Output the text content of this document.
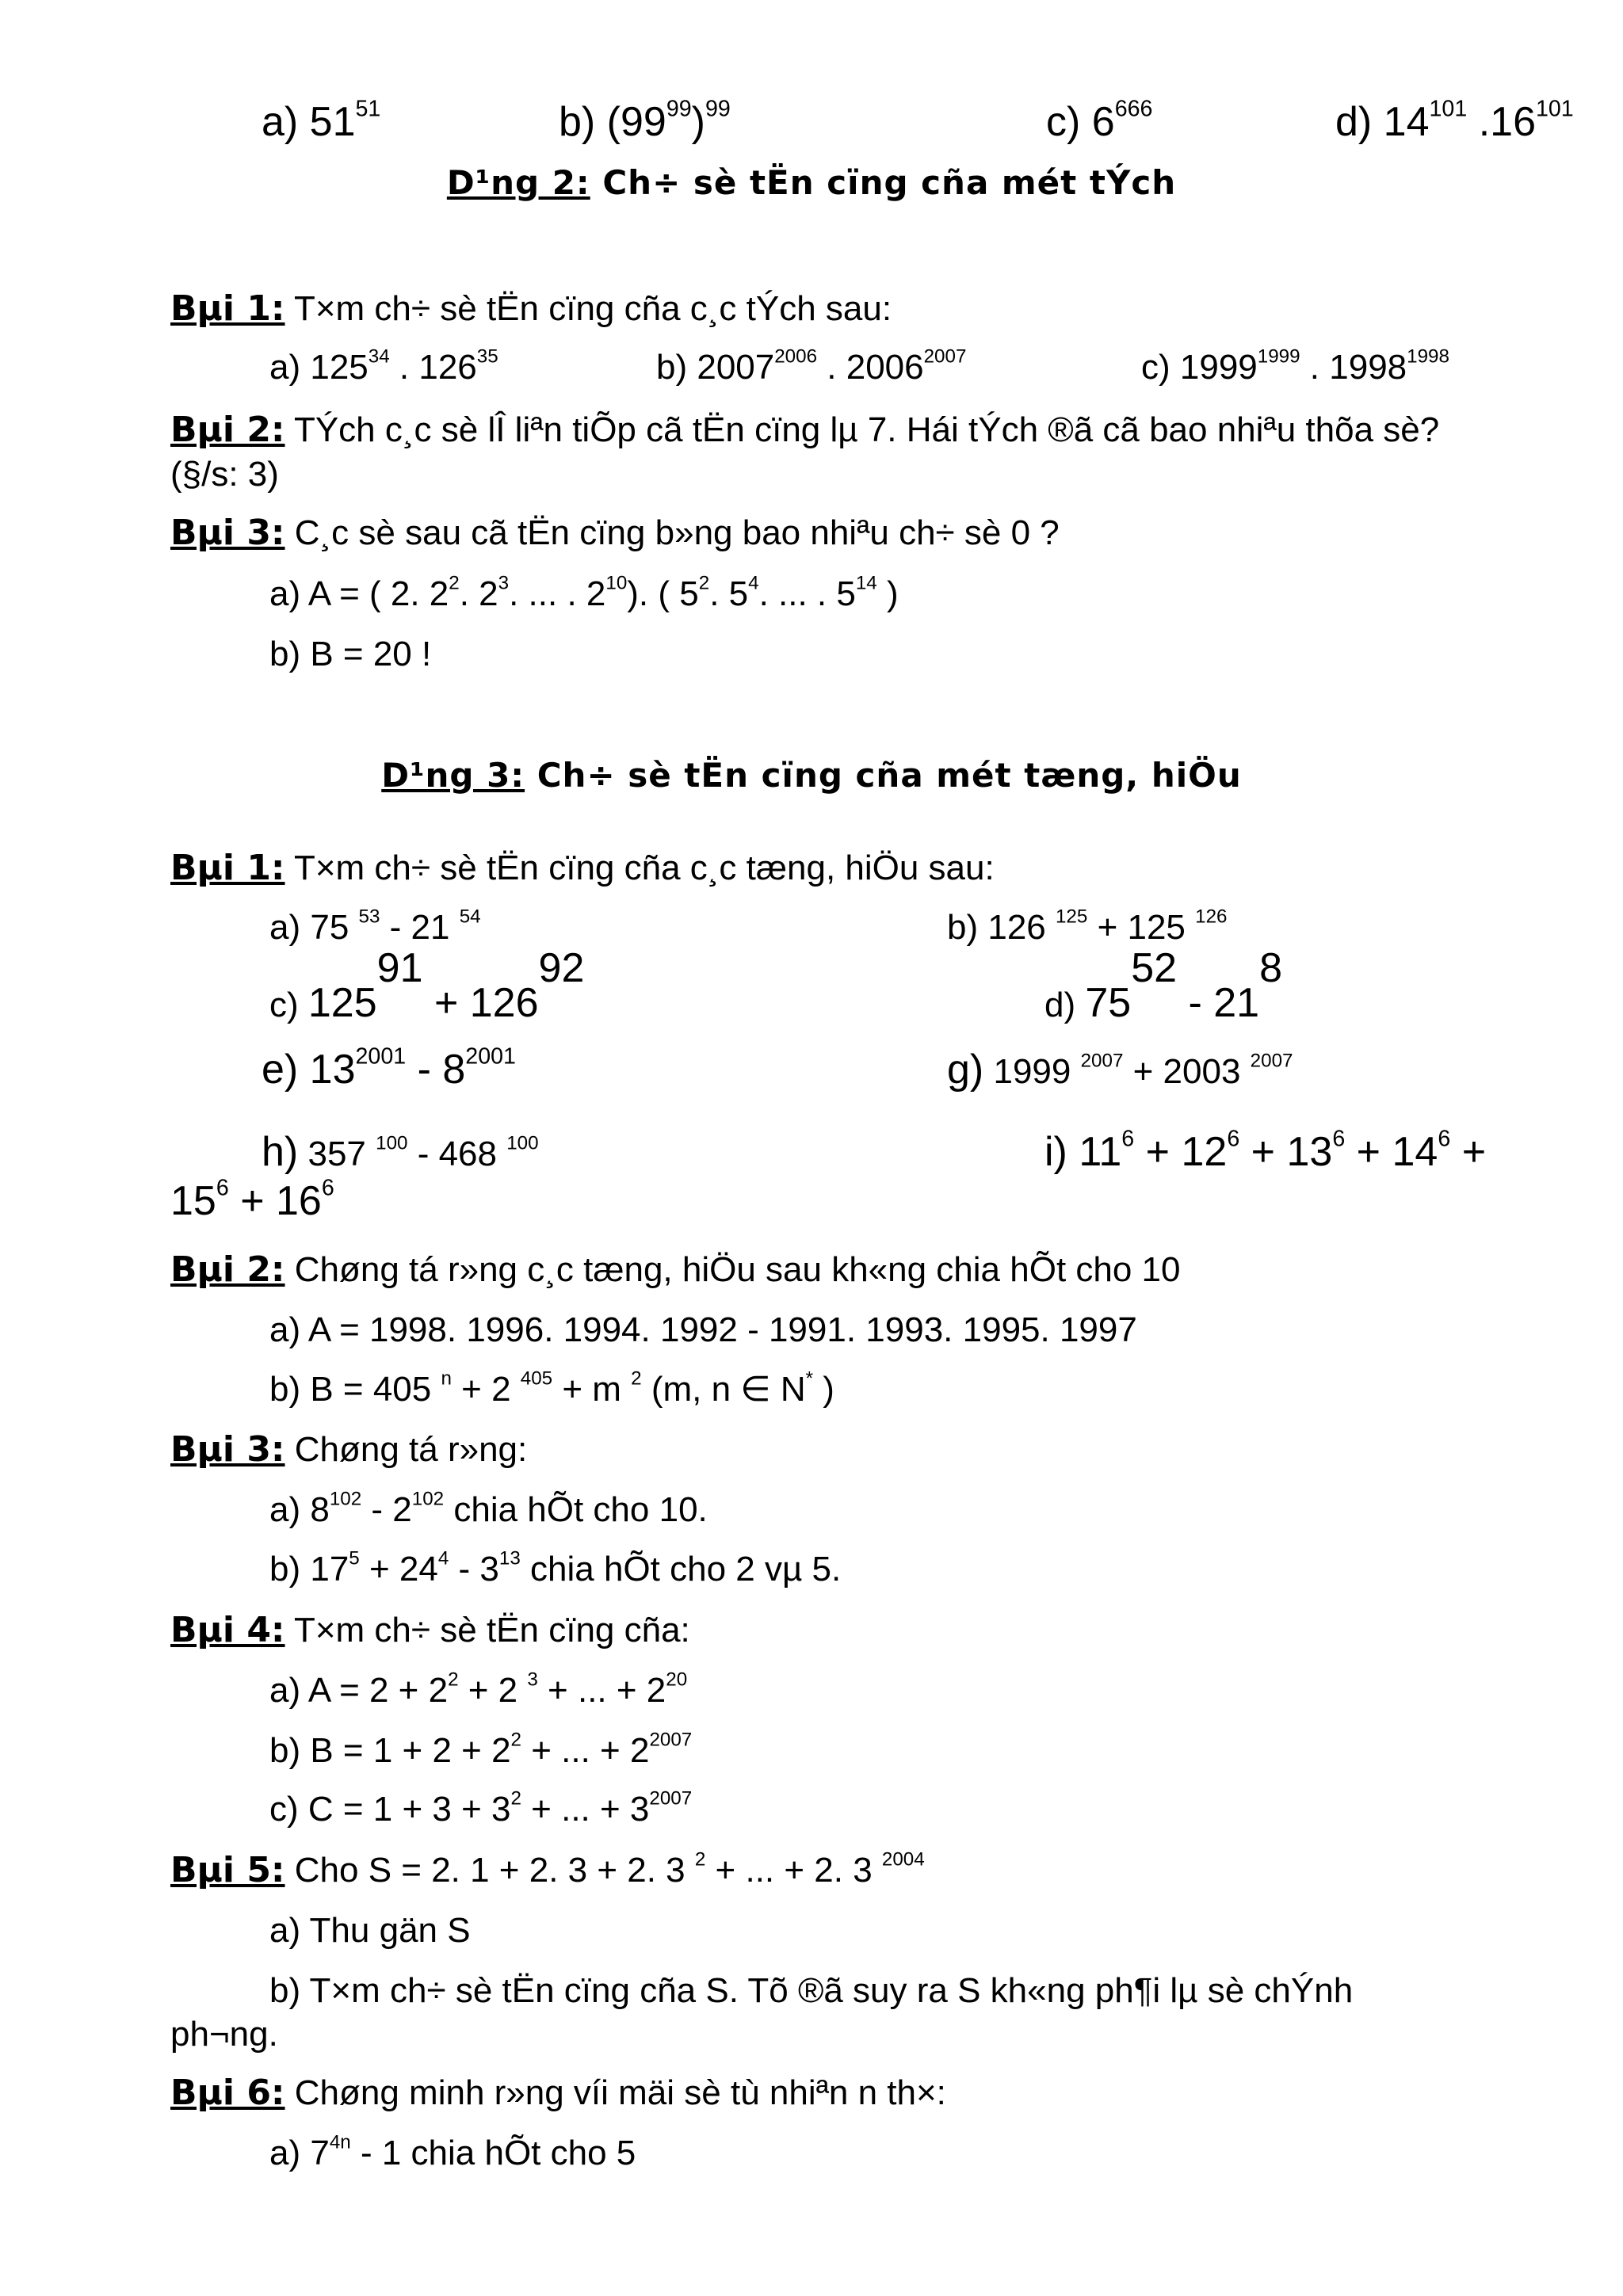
a) $51^{51}$	b) $(99^{99})^{99}$	c) $6^{666}$	d) $14^{101}$ $.16^{101}$
D¹ng 2: Ch÷ sè tËn cïng cña mét tÝch
Bµi 1: T×m ch÷ sè tËn cïng cña c¸c tÝch sau:
a) $125^{34}$ . $126^{35}$	b) $2007^{2006}$ . $2006^{2007}$	c) $1999^{1999}$ . $1998^{1998}$
Bµi 2: TÝch c¸c sè lÎ liªn tiÕp cã tËn cïng lµ 7. Hái tÝch ®ã cã bao nhiªu thõa sè?
(§/s: 3)
Bµi 3: C¸c sè sau cã tËn cïng b»ng bao nhiªu ch÷ sè 0 ?
a) A = ( 2. $2^2$. $2^3$. ... . $2^{10}$). ( $5^2$. $5^4$. ... . $5^{14}$ )
b) B = 20 !
D¹ng 3: Ch÷ sè tËn cïng cña mét tæng, hiÖu
Bµi 1: T×m ch÷ sè tËn cïng cña c¸c tæng, hiÖu sau:
a) 75 $^{53}$ - 21 $^{54}$	b) 126 $^{125}$ + 125 $^{126}$
c) $125^{91} + 126^{92}$
d) $75^{52} - 21^8$
e) $13^{2001} - 8^{2001}$	g) 1999 $^{2007}$ + 2003 $^{2007}$
h) 357 $^{100}$ - 468 $^{100}$	i) $11^6 + 12^6 + 13^6 + 14^6$ +
$15^6 + 16^6$
Bµi 2: Chøng tá r»ng c¸c tæng, hiÖu sau kh«ng chia hÕt cho 10
a) A = 1998. 1996. 1994. 1992 - 1991. 1993. 1995. 1997
b) B = 405 $^n$ + 2 $^{405}$ + m $^2$ (m, n ∈ N* )
Bµi 3: Chøng tá r»ng:
a) $8^{102} - 2^{102}$ chia hÕt cho 10.
b) $17^5 + 24^4 - 3^{13}$ chia hÕt cho 2 vµ 5.
Bµi 4: T×m ch÷ sè tËn cïng cña:
a) $A = 2 + 2^2 + 2$ $^3$ + ... + $2^{20}$
b) $B = 1 + 2 + 2^2$ + ... + $2^{2007}$
c) $C = 1 + 3 + 3^2$ + ... + $3^{2007}$
Bµi 5: Cho S = 2. 1 + 2. 3 + 2. 3 $^2$ + ... + 2. 3 $^{2004}$
a) Thu gän S
b) T×m ch÷ sè tËn cïng cña S. Tõ ®ã suy ra S kh«ng ph¶i lµ sè chÝnh
ph¬ng.
Bµi 6: Chøng minh r»ng víi mäi sè tù nhiªn n th×:
a) $7^{4n} - 1$ chia hÕt cho 5
